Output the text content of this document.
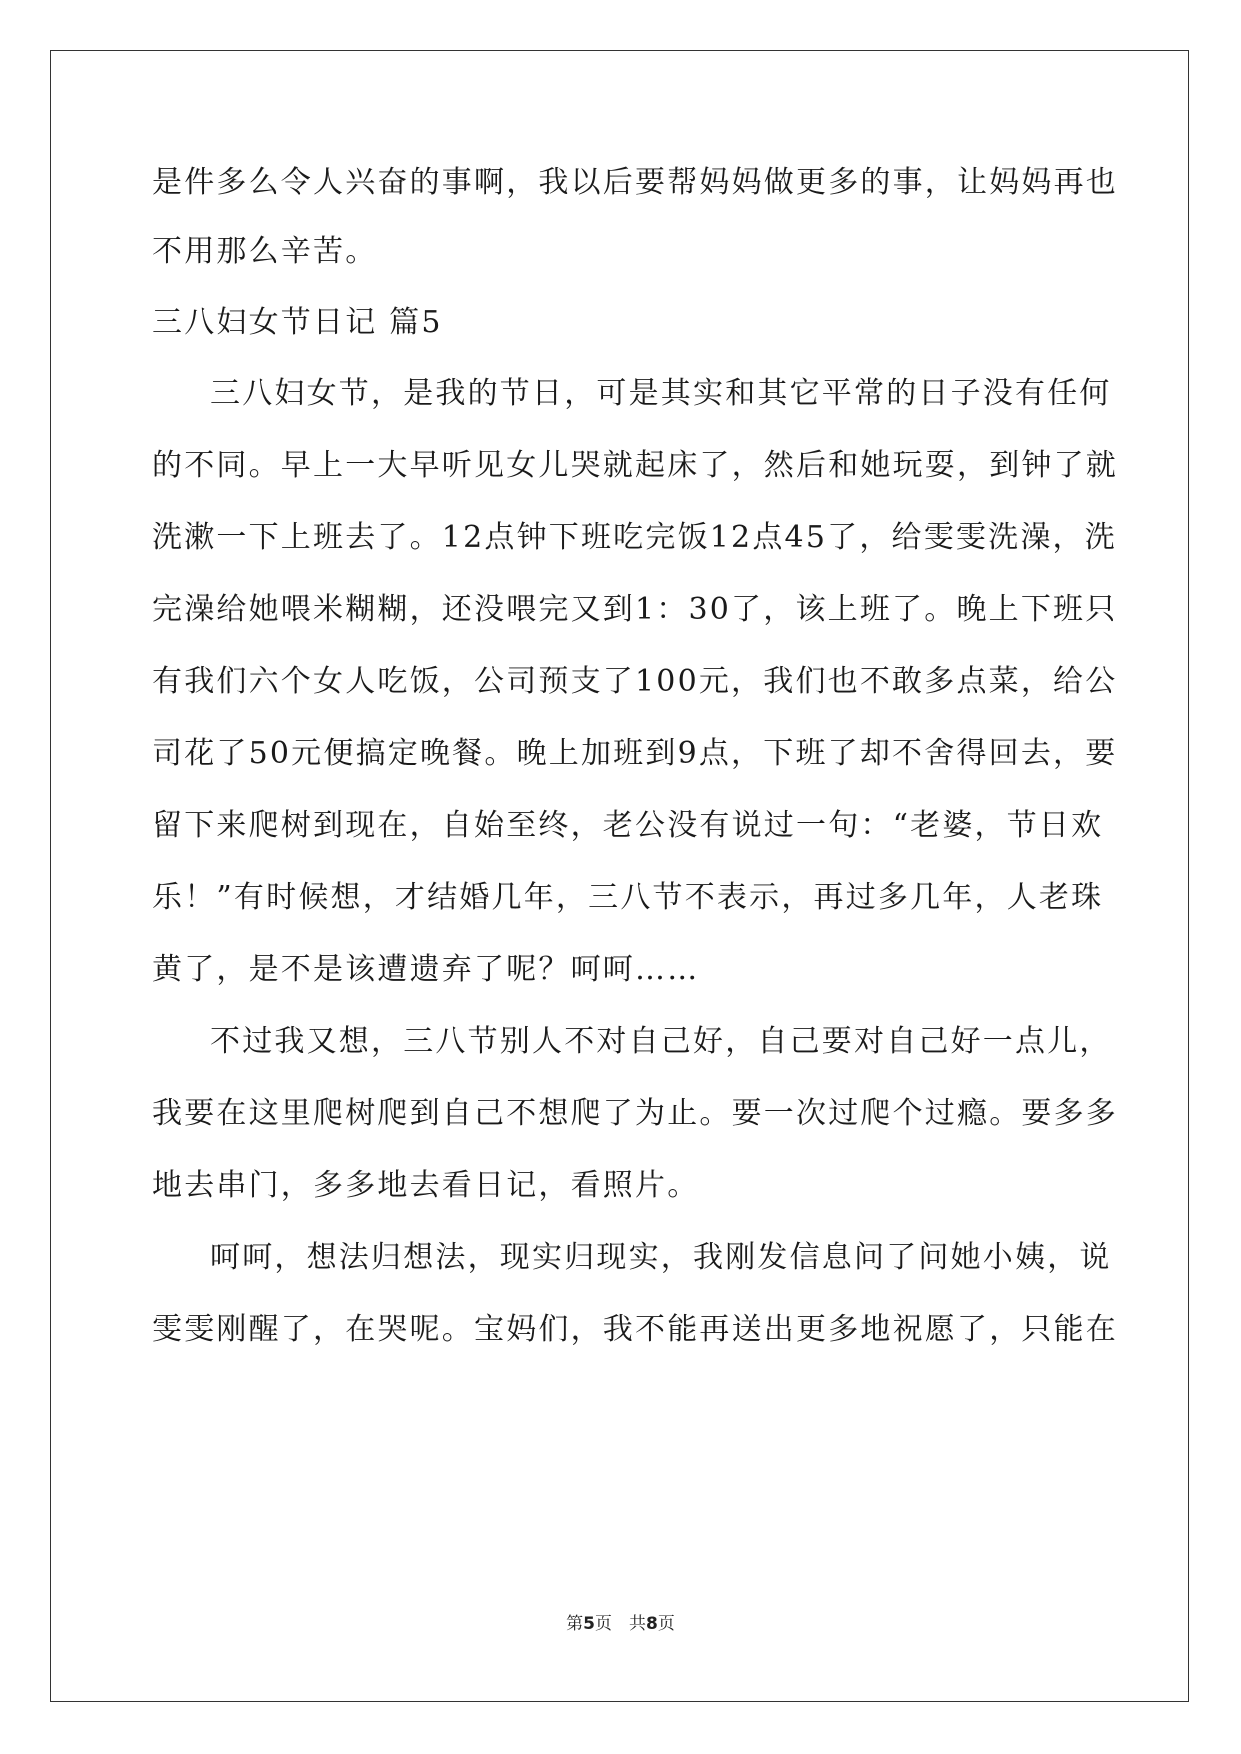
是件多么令人兴奋的事啊，我以后要帮妈妈做更多的事，让妈妈再也
不用那么辛苦。
三八妇女节日记 篇5
三八妇女节，是我的节日，可是其实和其它平常的日子没有任何
的不同。早上一大早听见女儿哭就起床了，然后和她玩耍，到钟了就
洗漱一下上班去了。12点钟下班吃完饭12点45了，给雯雯洗澡，洗
完澡给她喂米糊糊，还没喂完又到1：30了，该上班了。晚上下班只
有我们六个女人吃饭，公司预支了100元，我们也不敢多点菜，给公
司花了50元便搞定晚餐。晚上加班到9点，下班了却不舍得回去，要
留下来爬树到现在，自始至终，老公没有说过一句：“老婆，节日欢
乐！”有时候想，才结婚几年，三八节不表示，再过多几年，人老珠
黄了，是不是该遭遗弃了呢？呵呵……
不过我又想，三八节别人不对自己好，自己要对自己好一点儿，
我要在这里爬树爬到自己不想爬了为止。要一次过爬个过瘾。要多多
地去串门，多多地去看日记，看照片。
呵呵，想法归想法，现实归现实，我刚发信息问了问她小姨，说
雯雯刚醒了，在哭呢。宝妈们，我不能再送出更多地祝愿了，只能在
第5页　共8页
